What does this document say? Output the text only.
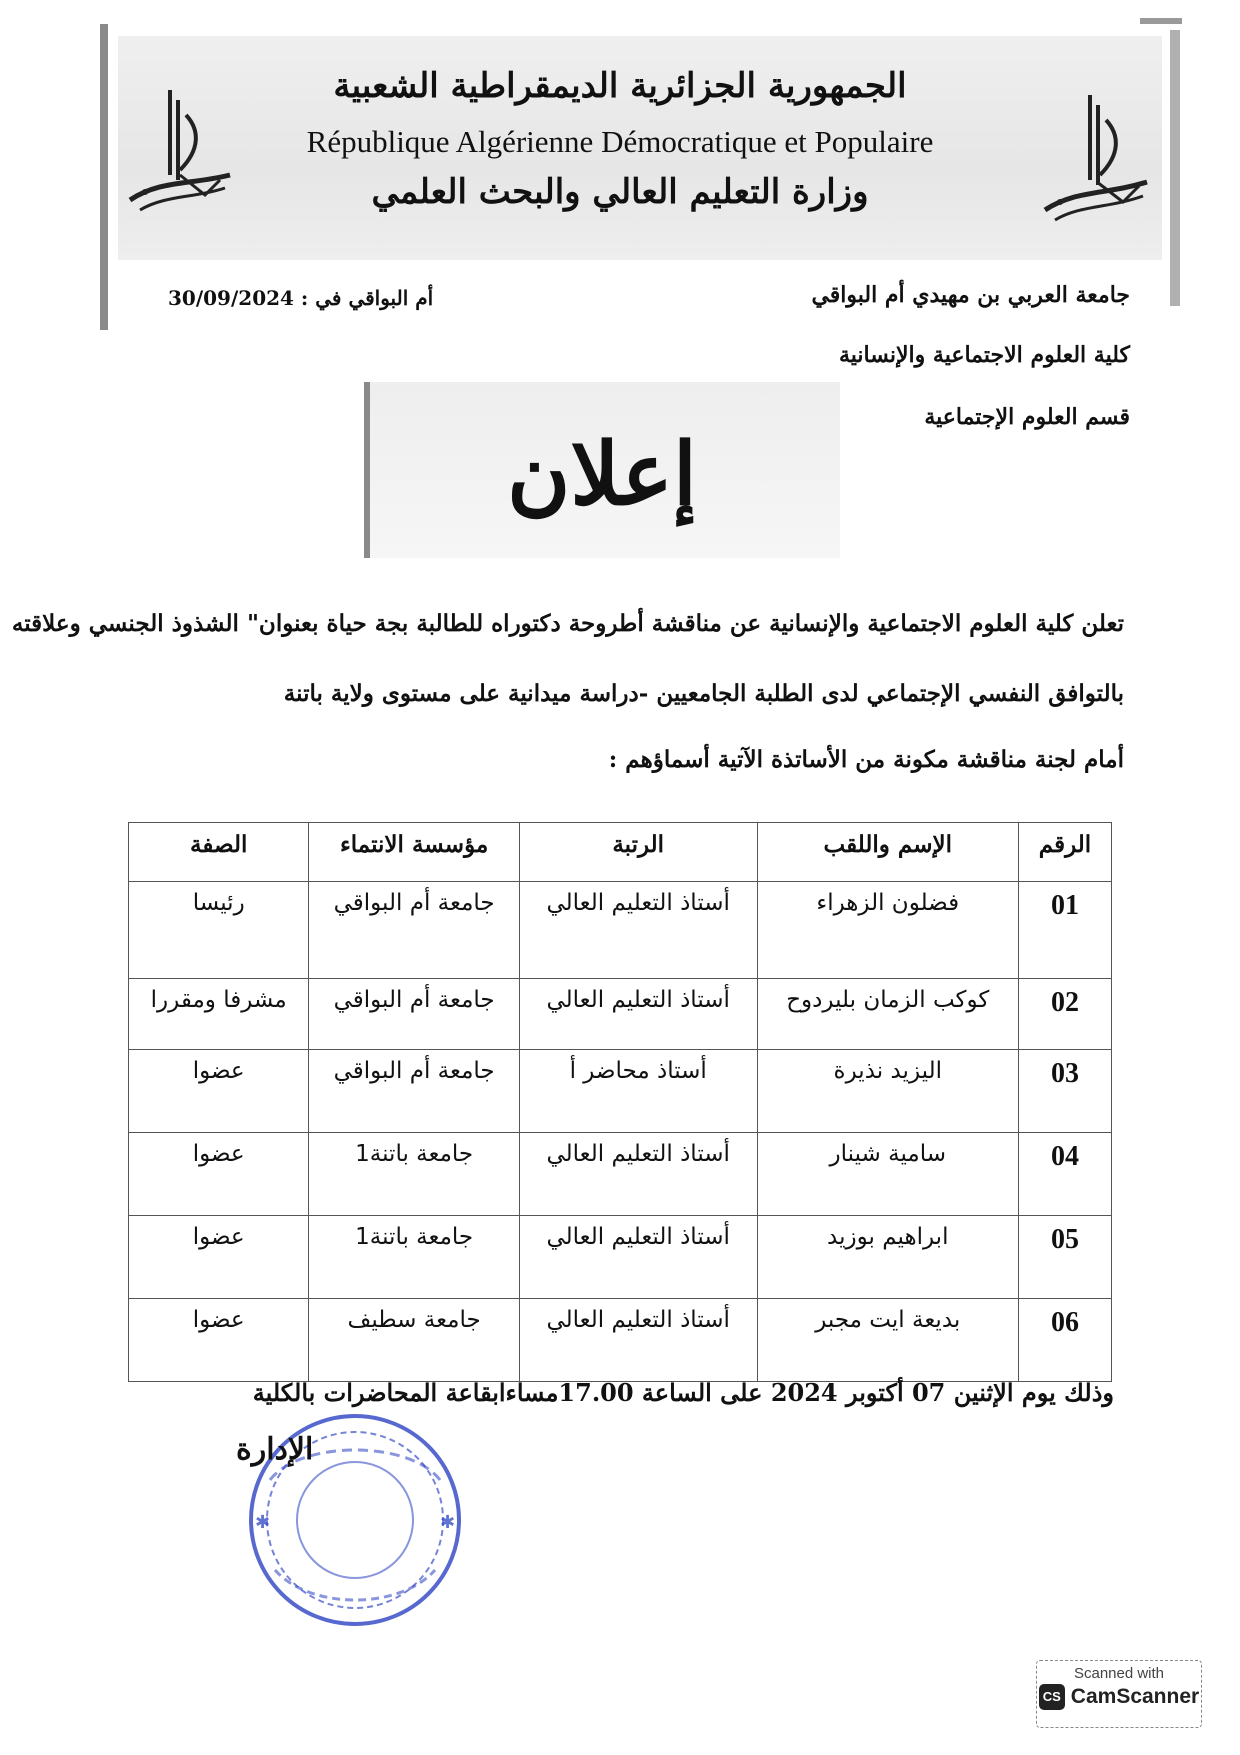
الجمهورية الجزائرية الديمقراطية الشعبية
République Algérienne Démocratique et Populaire
وزارة التعليم العالي والبحث العلمي
جامعة العربي بن مهيدي أم البواقي
أم البواقي في : 30/09/2024
كلية العلوم الاجتماعية والإنسانية
قسم العلوم الإجتماعية
إعلان
تعلن كلية العلوم الاجتماعية والإنسانية عن مناقشة أطروحة دكتوراه للطالبة بجة حياة بعنوان" الشذوذ الجنسي وعلاقته
بالتوافق النفسي الإجتماعي لدى الطلبة الجامعيين -دراسة ميدانية على مستوى ولاية باتنة
أمام لجنة مناقشة مكونة من الأساتذة الآتية أسماؤهم :
الرقم	الإسم واللقب	الرتبة	مؤسسة الانتماء	الصفة
01	فضلون الزهراء	أستاذ التعليم العالي	جامعة أم البواقي	رئيسا
02	كوكب الزمان بليردوح	أستاذ التعليم العالي	جامعة أم البواقي	مشرفا ومقررا
03	اليزيد نذيرة	أستاذ محاضر أ	جامعة أم البواقي	عضوا
04	سامية شينار	أستاذ التعليم العالي	جامعة باتنة1	عضوا
05	ابراهيم بوزيد	أستاذ التعليم العالي	جامعة باتنة1	عضوا
06	بديعة ايت مجبر	أستاذ التعليم العالي	جامعة سطيف	عضوا
وذلك يوم الإثنين 07 أكتوبر 2024 على الساعة 17.00مساءابقاعة المحاضرات بالكلية
✱	✱
الإدارة
Scanned with
CS CamScanner
